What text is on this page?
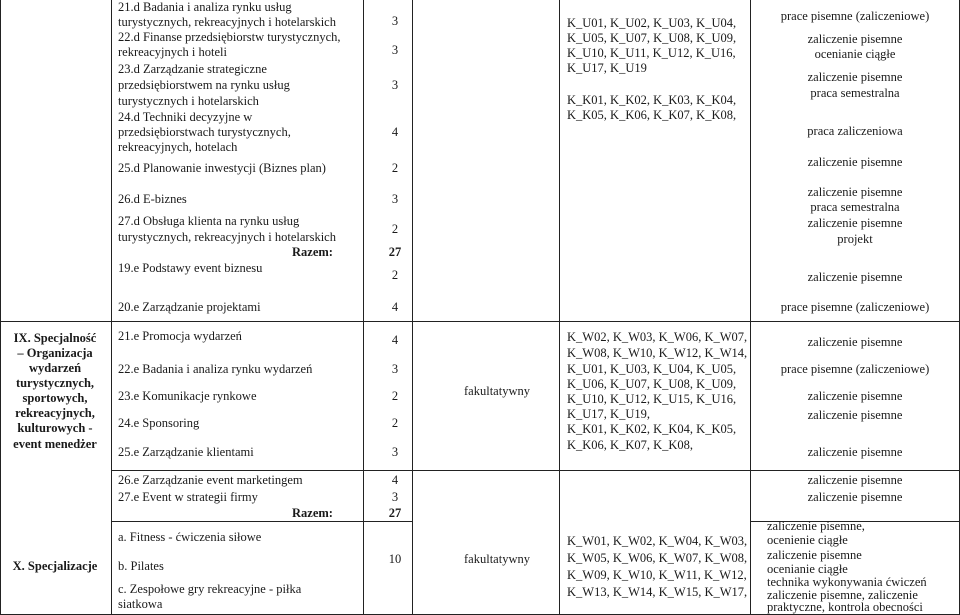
21.d Badania i analiza rynku usług
turystycznych, rekreacyjnych i hotelarskich
22.d Finanse przedsiębiorstw turystycznych,
rekreacyjnych i hoteli
23.d Zarządzanie strategiczne
przedsiębiorstwem na rynku usług
turystycznych i hotelarskich
24.d Techniki decyzyjne w
przedsiębiorstwach turystycznych,
rekreacyjnych, hotelach
25.d Planowanie inwestycji (Biznes plan)
26.d E-biznes
27.d Obsługa klienta na rynku usług
turystycznych, rekreacyjnych i hotelarskich
Razem:
19.e Podstawy event biznesu
20.e Zarządzanie projektami
3
3
3
4
2
3
2
27
2
4
K_U01, K_U02, K_U03, K_U04,
K_U05, K_U07, K_U08, K_U09,
K_U10, K_U11, K_U12, K_U16,
K_U17, K_U19
K_K01, K_K02, K_K03, K_K04,
K_K05, K_K06, K_K07, K_K08,
prace pisemne (zaliczeniowe)
zaliczenie pisemne
ocenianie ciągłe
zaliczenie pisemne
praca semestralna
praca zaliczeniowa
zaliczenie pisemne
zaliczenie pisemne
praca semestralna
zaliczenie pisemne
projekt
zaliczenie pisemne
prace pisemne (zaliczeniowe)
IX. Specjalność
– Organizacja
wydarzeń
turystycznych,
sportowych,
rekreacyjnych,
kulturowych -
event menedżer
21.e Promocja wydarzeń
22.e Badania i analiza rynku wydarzeń
23.e Komunikacje rynkowe
24.e Sponsoring
25.e Zarządzanie klientami
26.e Zarządzanie event marketingem
27.e Event w strategii firmy
Razem:
4
3
2
2
3
4
3
27
fakultatywny
K_W02, K_W03, K_W06, K_W07,
K_W08, K_W10, K_W12, K_W14,
K_U01, K_U03, K_U04, K_U05,
K_U06, K_U07, K_U08, K_U09,
K_U10, K_U12, K_U15, K_U16,
K_U17, K_U19,
K_K01, K_K02, K_K04, K_K05,
K_K06, K_K07, K_K08,
zaliczenie pisemne
prace pisemne (zaliczeniowe)
zaliczenie pisemne
zaliczenie pisemne
zaliczenie pisemne
zaliczenie pisemne
zaliczenie pisemne
X. Specjalizacje
a. Fitness - ćwiczenia siłowe
b. Pilates
c. Zespołowe gry rekreacyjne - piłka
siatkowa
10	fakultatywny
K_W01, K_W02, K_W04, K_W03,
K_W05, K_W06, K_W07, K_W08,
K_W09, K_W10, K_W11, K_W12,
K_W13, K_W14, K_W15, K_W17,
zaliczenie pisemne,
ocenienie ciągłe
zaliczenie pisemne
ocenianie ciągłe
technika wykonywania ćwiczeń
zaliczenie pisemne, zaliczenie
praktyczne, kontrola obecności
